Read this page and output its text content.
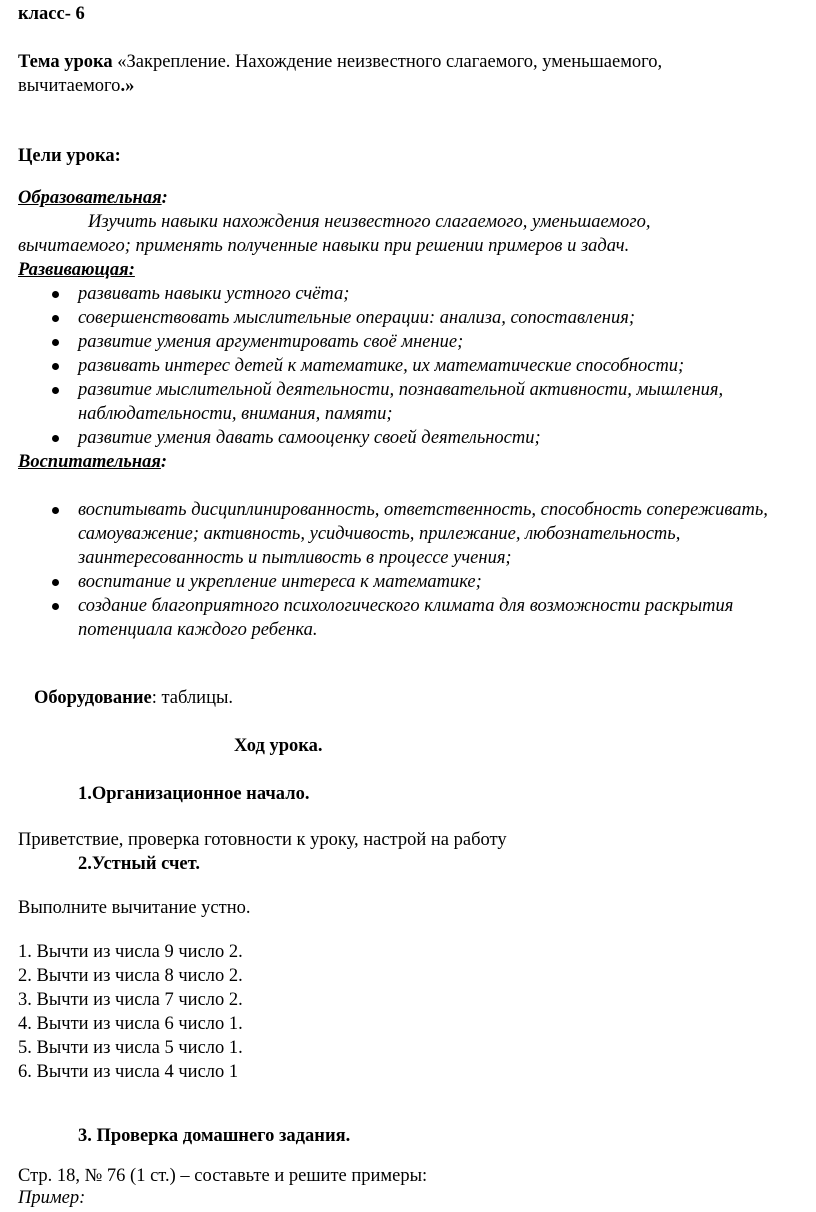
класс- 6
Тема урока «Закрепление. Нахождение неизвестного слагаемого, уменьшаемого,
вычитаемого.»
Цели урока:
Образовательная:
Изучить навыки нахождения неизвестного слагаемого, уменьшаемого,
вычитаемого; применять полученные навыки при решении примеров и задач.
Развивающая:
развивать навыки устного счёта;
совершенствовать мыслительные операции: анализа, сопоставления;
развитие умения аргументировать своё мнение;
развивать интерес детей к математике, их математические способности;
развитие мыслительной деятельности, познавательной активности, мышления, наблюдательности, внимания, памяти;
развитие умения давать самооценку своей деятельности;
Воспитательная:
воспитывать дисциплинированность, ответственность, способность сопереживать, самоуважение; активность, усидчивость, прилежание, любознательность, заинтересованность и пытливость в процессе учения;
воспитание и укрепление интереса к математике;
создание благоприятного психологического климата для возможности раскрытия потенциала каждого ребенка.
Оборудование: таблицы.
Ход урока.
1.Организационное начало.
Приветствие, проверка готовности к уроку, настрой на работу
2.Устный счет.
Выполните вычитание устно.
1. Вычти из числа 9 число 2.
2. Вычти из числа 8 число 2.
3. Вычти из числа 7 число 2.
4. Вычти из числа 6 число 1.
5. Вычти из числа 5 число 1.
6. Вычти из числа 4 число 1
3. Проверка домашнего задания.
Стр. 18, № 76 (1 ст.) – составьте и решите примеры:
Пример:
